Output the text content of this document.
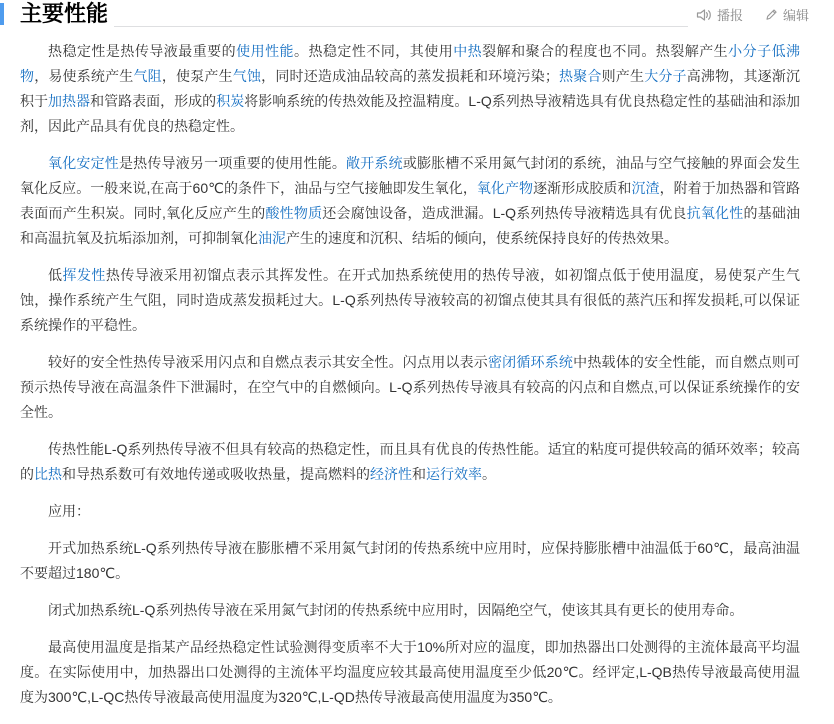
主要性能	播报	编辑
热稳定性是热传导液最重要的使用性能。热稳定性不同，其使用中热裂解和聚合的程度也不同。热裂解产生小分子低沸物，易使系统产生气阻，使泵产生气蚀，同时还造成油品较高的蒸发损耗和环境污染；热聚合则产生大分子高沸物，其逐渐沉积于加热器和管路表面，形成的积炭将影响系统的传热效能及控温精度。L-Q系列热导液精选具有优良热稳定性的基础油和添加剂，因此产品具有优良的热稳定性。
氧化安定性是热传导液另一项重要的使用性能。敞开系统或膨胀槽不采用氮气封闭的系统，油品与空气接触的界面会发生氧化反应。一般来说,在高于60℃的条件下，油品与空气接触即发生氧化，氧化产物逐渐形成胶质和沉渣，附着于加热器和管路表面而产生积炭。同时,氧化反应产生的酸性物质还会腐蚀设备，造成泄漏。L-Q系列热传导液精选具有优良抗氧化性的基础油和高温抗氧及抗垢添加剂，可抑制氧化油泥产生的速度和沉积、结垢的倾向，使系统保持良好的传热效果。
低挥发性热传导液采用初馏点表示其挥发性。在开式加热系统使用的热传导液，如初馏点低于使用温度，易使泵产生气蚀，操作系统产生气阻，同时造成蒸发损耗过大。L-Q系列热传导液较高的初馏点使其具有很低的蒸汽压和挥发损耗,可以保证系统操作的平稳性。
较好的安全性热传导液采用闪点和自燃点表示其安全性。闪点用以表示密闭循环系统中热载体的安全性能，而自燃点则可预示热传导液在高温条件下泄漏时，在空气中的自燃倾向。L-Q系列热传导液具有较高的闪点和自燃点,可以保证系统操作的安全性。
传热性能L-Q系列热传导液不但具有较高的热稳定性，而且具有优良的传热性能。适宜的粘度可提供较高的循环效率；较高的比热和导热系数可有效地传递或吸收热量，提高燃料的经济性和运行效率。
应用：
开式加热系统L-Q系列热传导液在膨胀槽不采用氮气封闭的传热系统中应用时，应保持膨胀槽中油温低于60℃，最高油温不要超过180℃。
闭式加热系统L-Q系列热传导液在采用氮气封闭的传热系统中应用时，因隔绝空气，使该其具有更长的使用寿命。
最高使用温度是指某产品经热稳定性试验测得变质率不大于10%所对应的温度，即加热器出口处测得的主流体最高平均温度。在实际使用中，加热器出口处测得的主流体平均温度应较其最高使用温度至少低20℃。经评定,L-QB热传导液最高使用温度为300℃,L-QC热传导液最高使用温度为320℃,L-QD热传导液最高使用温度为350℃。
